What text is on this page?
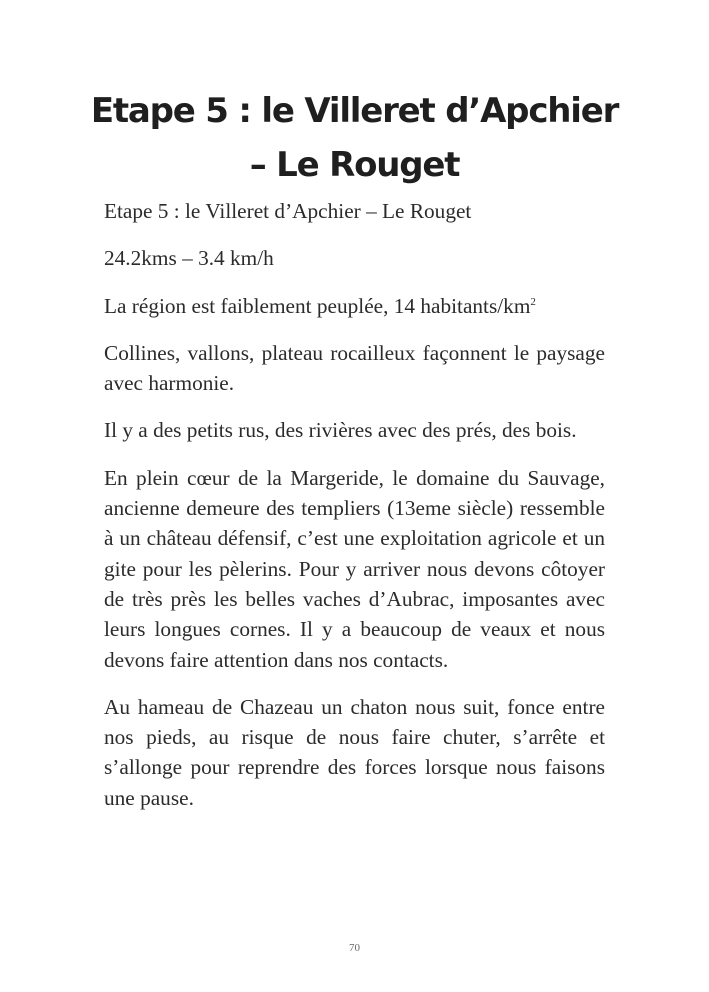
Etape 5 : le Villeret d’Apchier – Le Rouget

Etape 5 : le Villeret d’Apchier – Le Rouget

24.2kms – 3.4 km/h

La région est faiblement peuplée, 14 habitants/$km^2$

Collines, vallons, plateau rocailleux façonnent le paysage avec harmonie.

Il y a des petits rus, des rivières avec des prés, des bois.

En plein cœur de la Margeride, le domaine du Sauvage, ancienne demeure des templiers (13eme siècle) ressemble à un château défensif, c’est une exploitation agricole et un gite pour les pèlerins. Pour y arriver nous devons côtoyer de très près les belles vaches d’Aubrac, imposantes avec leurs longues cornes. Il y a beaucoup de veaux et nous devons faire attention dans nos contacts.

Au hameau de Chazeau un chaton nous suit, fonce entre nos pieds, au risque de nous faire chuter, s’arrête et s’allonge pour reprendre des forces lorsque nous faisons une pause.

70
